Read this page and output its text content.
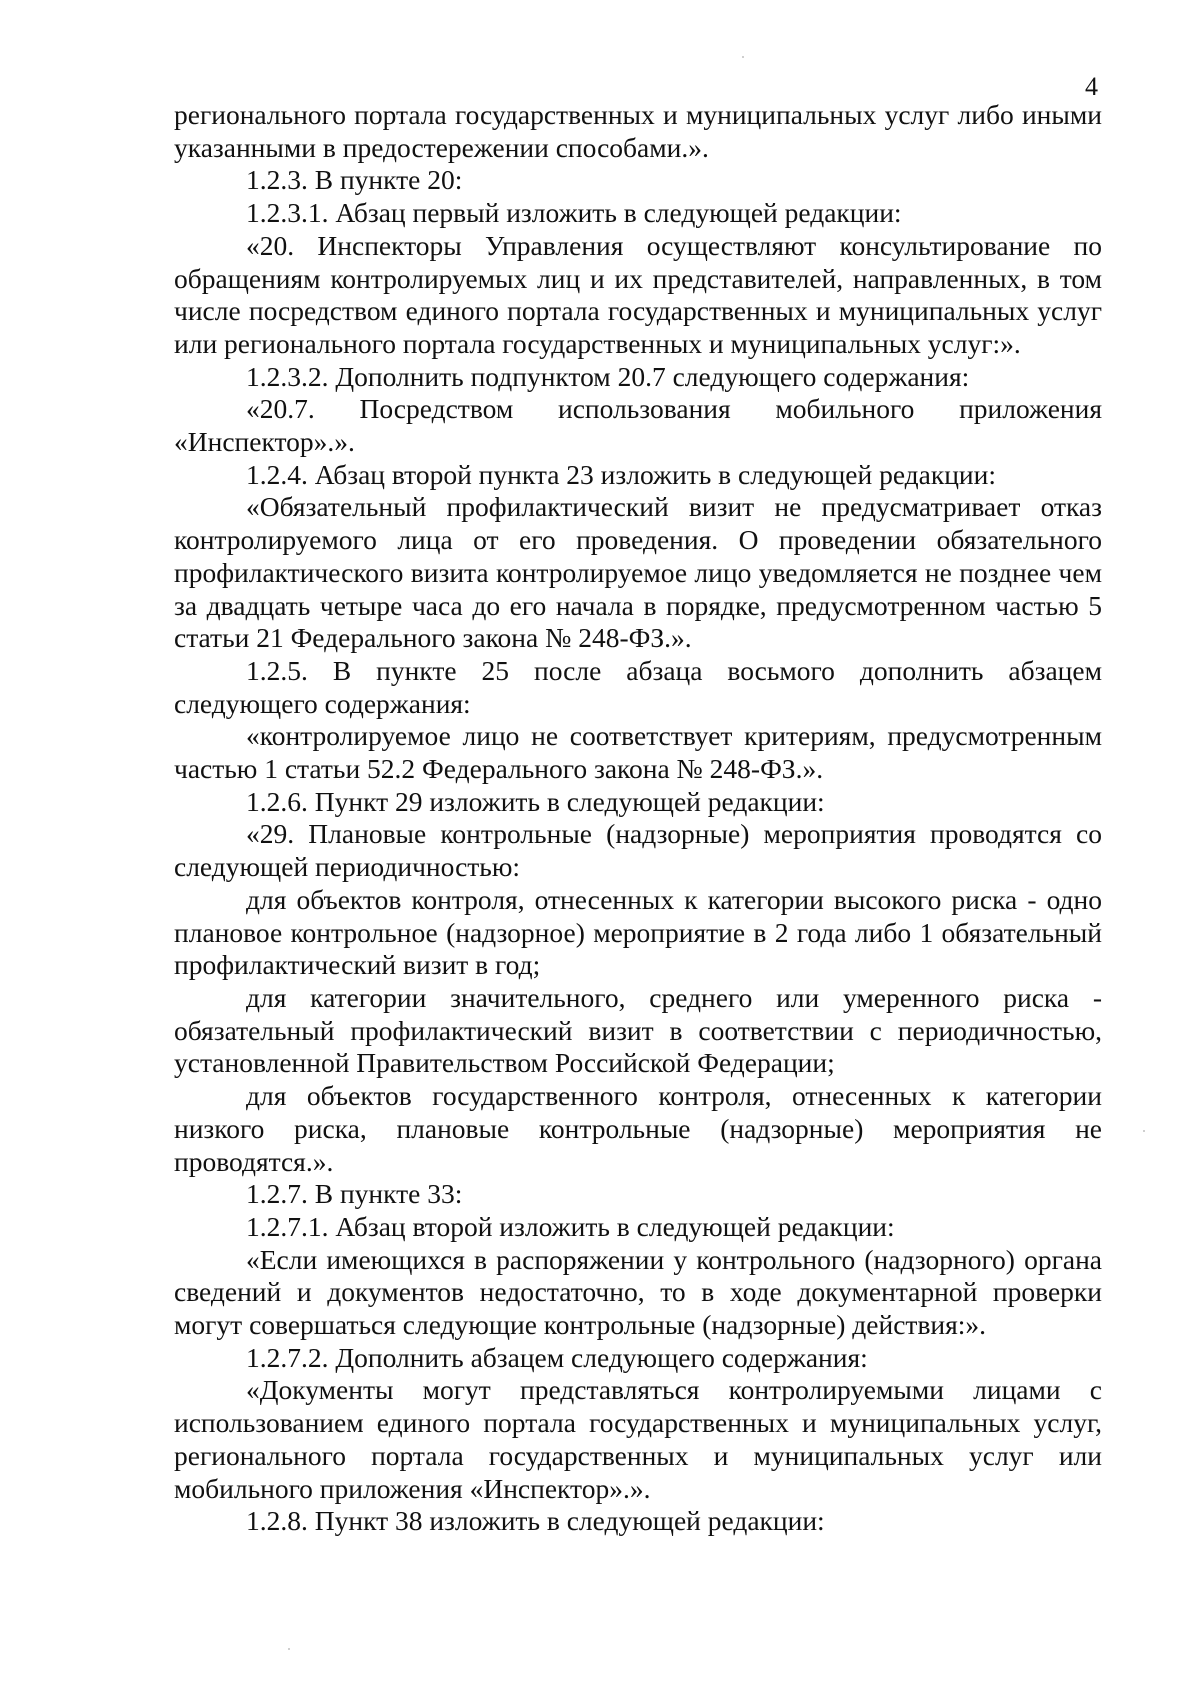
4

регионального портала государственных и муниципальных услуг либо иными указанными в предостережении способами.».

1.2.3. В пункте 20:

1.2.3.1. Абзац первый изложить в следующей редакции:

«20. Инспекторы Управления осуществляют консультирование по обращениям контролируемых лиц и их представителей, направленных, в том числе посредством единого портала государственных и муниципальных услуг или регионального портала государственных и муниципальных услуг:».

1.2.3.2. Дополнить подпунктом 20.7 следующего содержания:

«20.7. Посредством использования мобильного приложения «Инспектор».».

1.2.4. Абзац второй пункта 23 изложить в следующей редакции:

«Обязательный профилактический визит не предусматривает отказ контролируемого лица от его проведения. О проведении обязательного профилактического визита контролируемое лицо уведомляется не позднее чем за двадцать четыре часа до его начала в порядке, предусмотренном частью 5 статьи 21 Федерального закона № 248-ФЗ.».

1.2.5. В пункте 25 после абзаца восьмого дополнить абзацем следующего содержания:

«контролируемое лицо не соответствует критериям, предусмотренным частью 1 статьи 52.2 Федерального закона № 248-ФЗ.».

1.2.6. Пункт 29 изложить в следующей редакции:

«29. Плановые контрольные (надзорные) мероприятия проводятся со следующей периодичностью:

для объектов контроля, отнесенных к категории высокого риска - одно плановое контрольное (надзорное) мероприятие в 2 года либо 1 обязательный профилактический визит в год;

для категории значительного, среднего или умеренного риска - обязательный профилактический визит в соответствии с периодичностью, установленной Правительством Российской Федерации;

для объектов государственного контроля, отнесенных к категории низкого риска, плановые контрольные (надзорные) мероприятия не проводятся.».

1.2.7. В пункте 33:

1.2.7.1. Абзац второй изложить в следующей редакции:

«Если имеющихся в распоряжении у контрольного (надзорного) органа сведений и документов недостаточно, то в ходе документарной проверки могут совершаться следующие контрольные (надзорные) действия:».

1.2.7.2. Дополнить абзацем следующего содержания:

«Документы могут представляться контролируемыми лицами с использованием единого портала государственных и муниципальных услуг, регионального портала государственных и муниципальных услуг или мобильного приложения «Инспектор».».

1.2.8. Пункт 38 изложить в следующей редакции:
